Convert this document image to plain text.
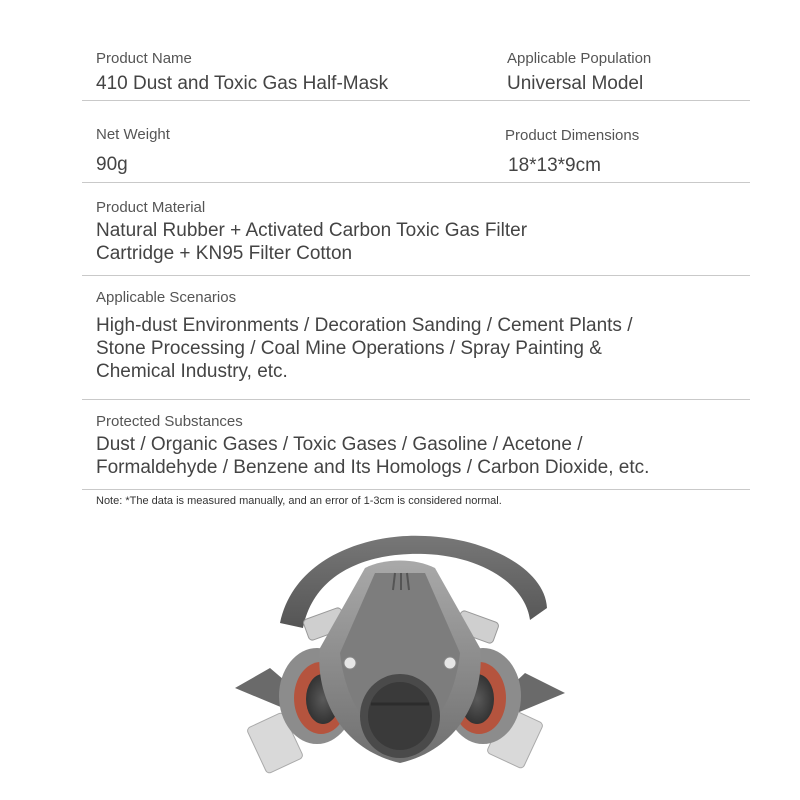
Product Name
410 Dust and Toxic Gas Half-Mask
Applicable Population
Universal Model
Net Weight
90g
Product Dimensions
18*13*9cm
Product Material
Natural Rubber + Activated Carbon Toxic Gas Filter
Cartridge + KN95 Filter Cotton
Applicable Scenarios
High-dust Environments / Decoration Sanding / Cement Plants /
Stone Processing / Coal Mine Operations / Spray Painting &
Chemical Industry, etc.
Protected Substances
Dust / Organic Gases / Toxic Gases / Gasoline / Acetone /
Formaldehyde / Benzene and Its Homologs / Carbon Dioxide, etc.
Note: *The data is measured manually, and an error of 1-3cm is considered normal.
